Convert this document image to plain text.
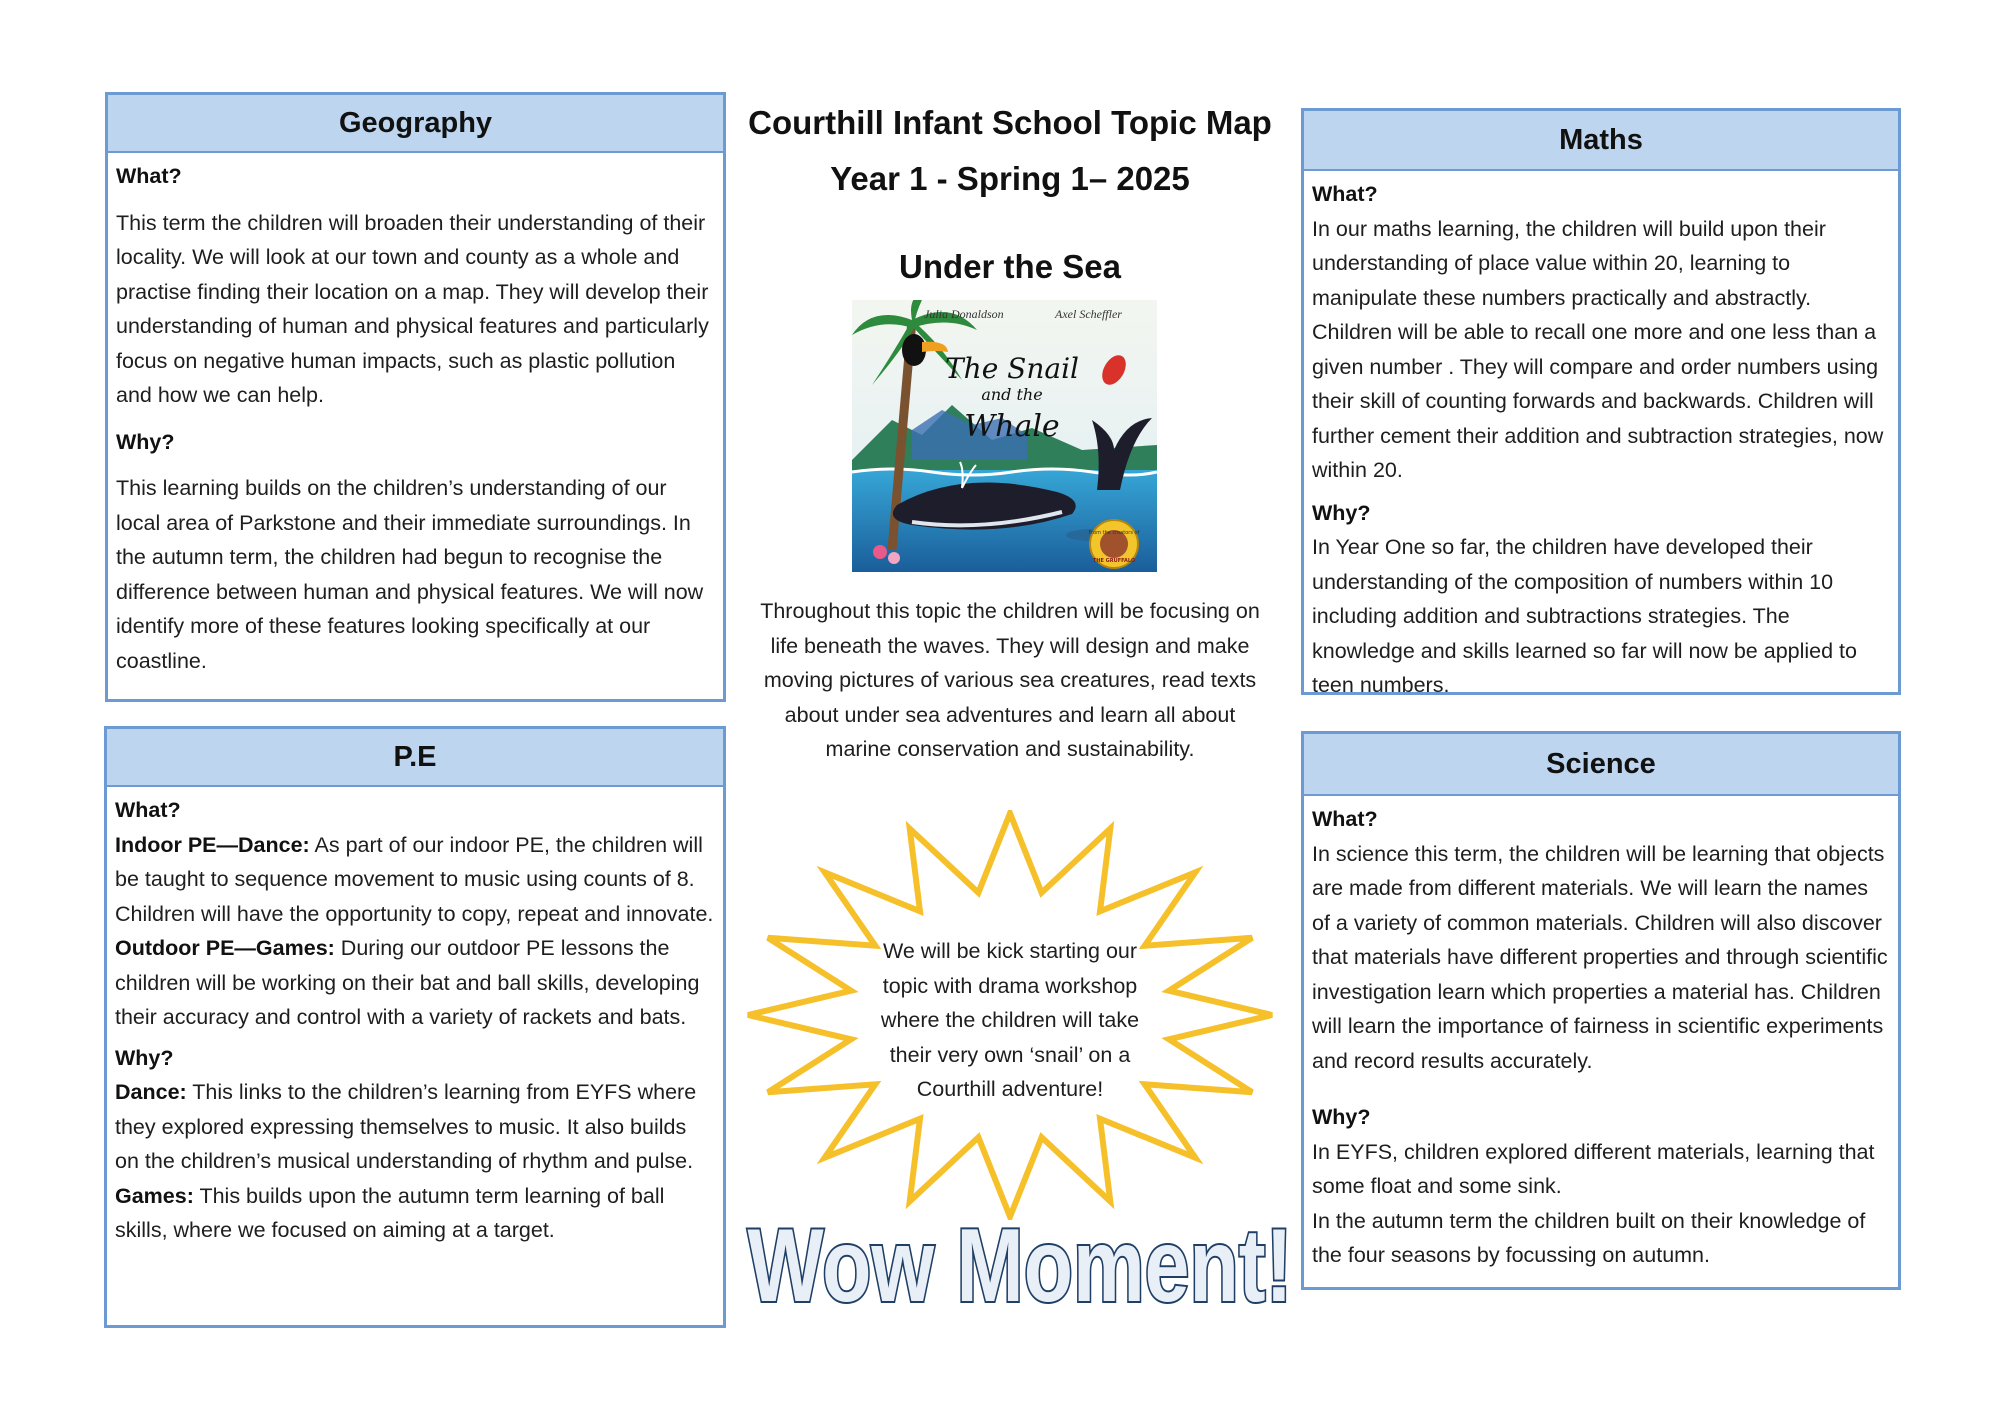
Geography

What?

This term the children will broaden their understanding of their locality. We will look at our town and county as a whole and practise finding their location on a map. They will develop their understanding of human and physical features and particularly focus on negative human impacts, such as plastic pollution and how we can help.

Why?

This learning builds on the children’s understanding of our local area of Parkstone and their immediate surroundings. In the autumn term, the children had begun to recognise the difference between human and physical features. We will now identify more of these features looking specifically at our coastline.

P.E

What?

Indoor PE—Dance: As part of our indoor PE, the children will be taught to sequence movement to music using counts of 8. Children will have the opportunity to copy, repeat and innovate.

Outdoor PE—Games: During our outdoor PE lessons the children will be working on their bat and ball skills, developing their accuracy and control with a variety of rackets and bats.

Why?

Dance: This links to the children’s learning from EYFS where they explored expressing themselves to music. It also builds on the children’s musical understanding of rhythm and pulse.

Games: This builds upon the autumn term learning of ball skills, where we focused on aiming at a target.

Courthill Infant School Topic Map
Year 1 - Spring 1– 2025
Under the Sea
Julia Donaldson	Axel Scheffler
The Snail
and the
Whale
From the creators of
THE GRUFFALO
Throughout this topic the children will be focusing on life beneath the waves. They will design and make moving pictures of various sea creatures, read texts about under sea adventures and learn all about marine conservation and sustainability.
We will be kick starting our topic with drama workshop where the children will take their very own ‘snail’ on a Courthill adventure!
Wow Moment!
Maths

What?

In our maths learning, the children will build upon their understanding of place value within 20, learning to manipulate these numbers practically and abstractly. Children will be able to recall one more and one less than a given number . They will compare and order numbers using their skill of counting forwards and backwards. Children will further cement their addition and subtraction strategies, now within 20.

Why?

In Year One so far, the children have developed their understanding of the composition of numbers within 10 including addition and subtractions strategies. The knowledge and skills learned so far will now be applied to teen numbers.

Science

What?

In science this term, the children will be learning that objects are made from different materials. We will learn the names of a variety of common materials. Children will also discover that materials have different properties and through scientific investigation learn which properties a material has. Children will learn the importance of fairness in scientific experiments and record results accurately.

Why?

In EYFS, children explored different materials, learning that some float and some sink.

In the autumn term the children built on their knowledge of the four seasons by focussing on autumn.
